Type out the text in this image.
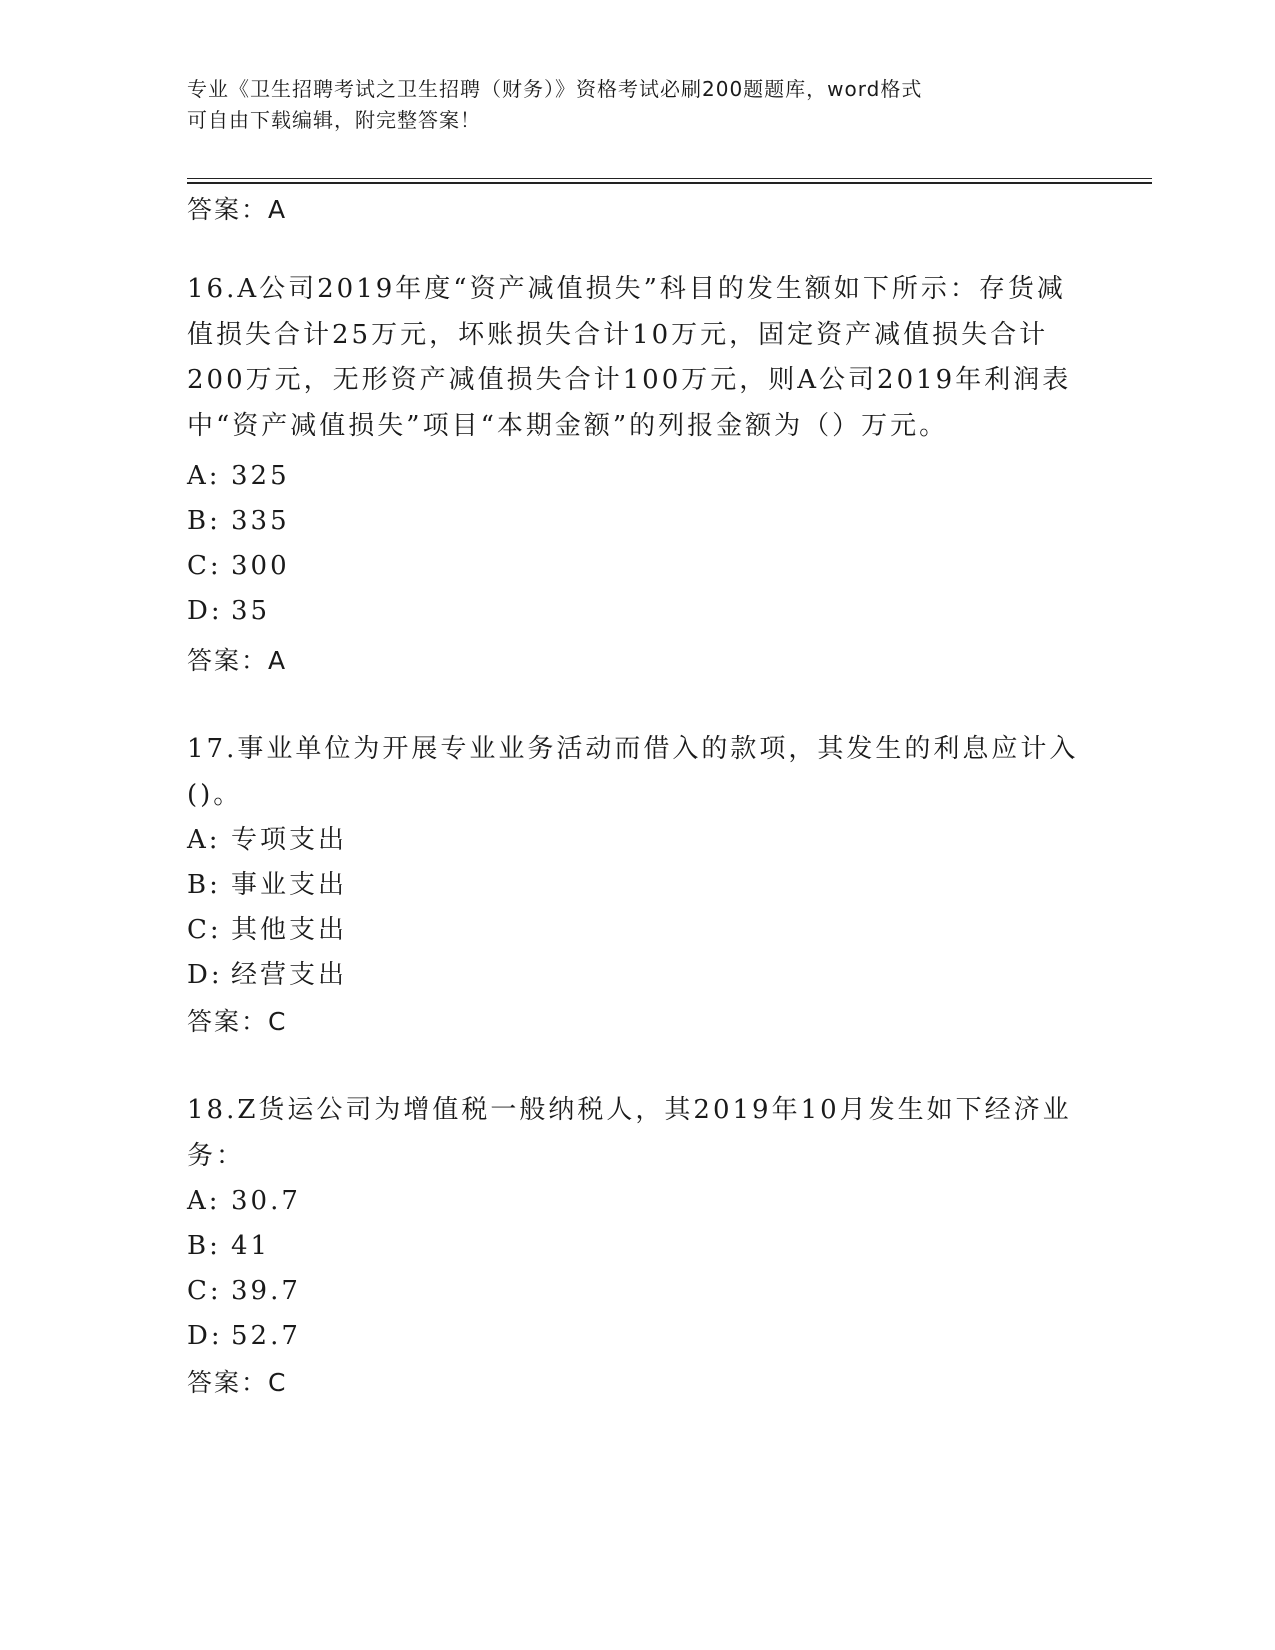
专业《卫生招聘考试之卫生招聘（财务）》资格考试必刷200题题库，word格式
可自由下载编辑，附完整答案！
答案：A
16.A公司2019年度“资产减值损失”科目的发生额如下所示：存货减
值损失合计25万元，坏账损失合计10万元，固定资产减值损失合计
200万元，无形资产减值损失合计100万元，则A公司2019年利润表
中“资产减值损失”项目“本期金额”的列报金额为（）万元。
A: 325
B: 335
C: 300
D: 35
答案：A
17.事业单位为开展专业业务活动而借入的款项，其发生的利息应计入
()。
A: 专项支出
B: 事业支出
C: 其他支出
D: 经营支出
答案：C
18.Z货运公司为增值税一般纳税人，其2019年10月发生如下经济业
务：
A: 30.7
B: 41
C: 39.7
D: 52.7
答案：C
